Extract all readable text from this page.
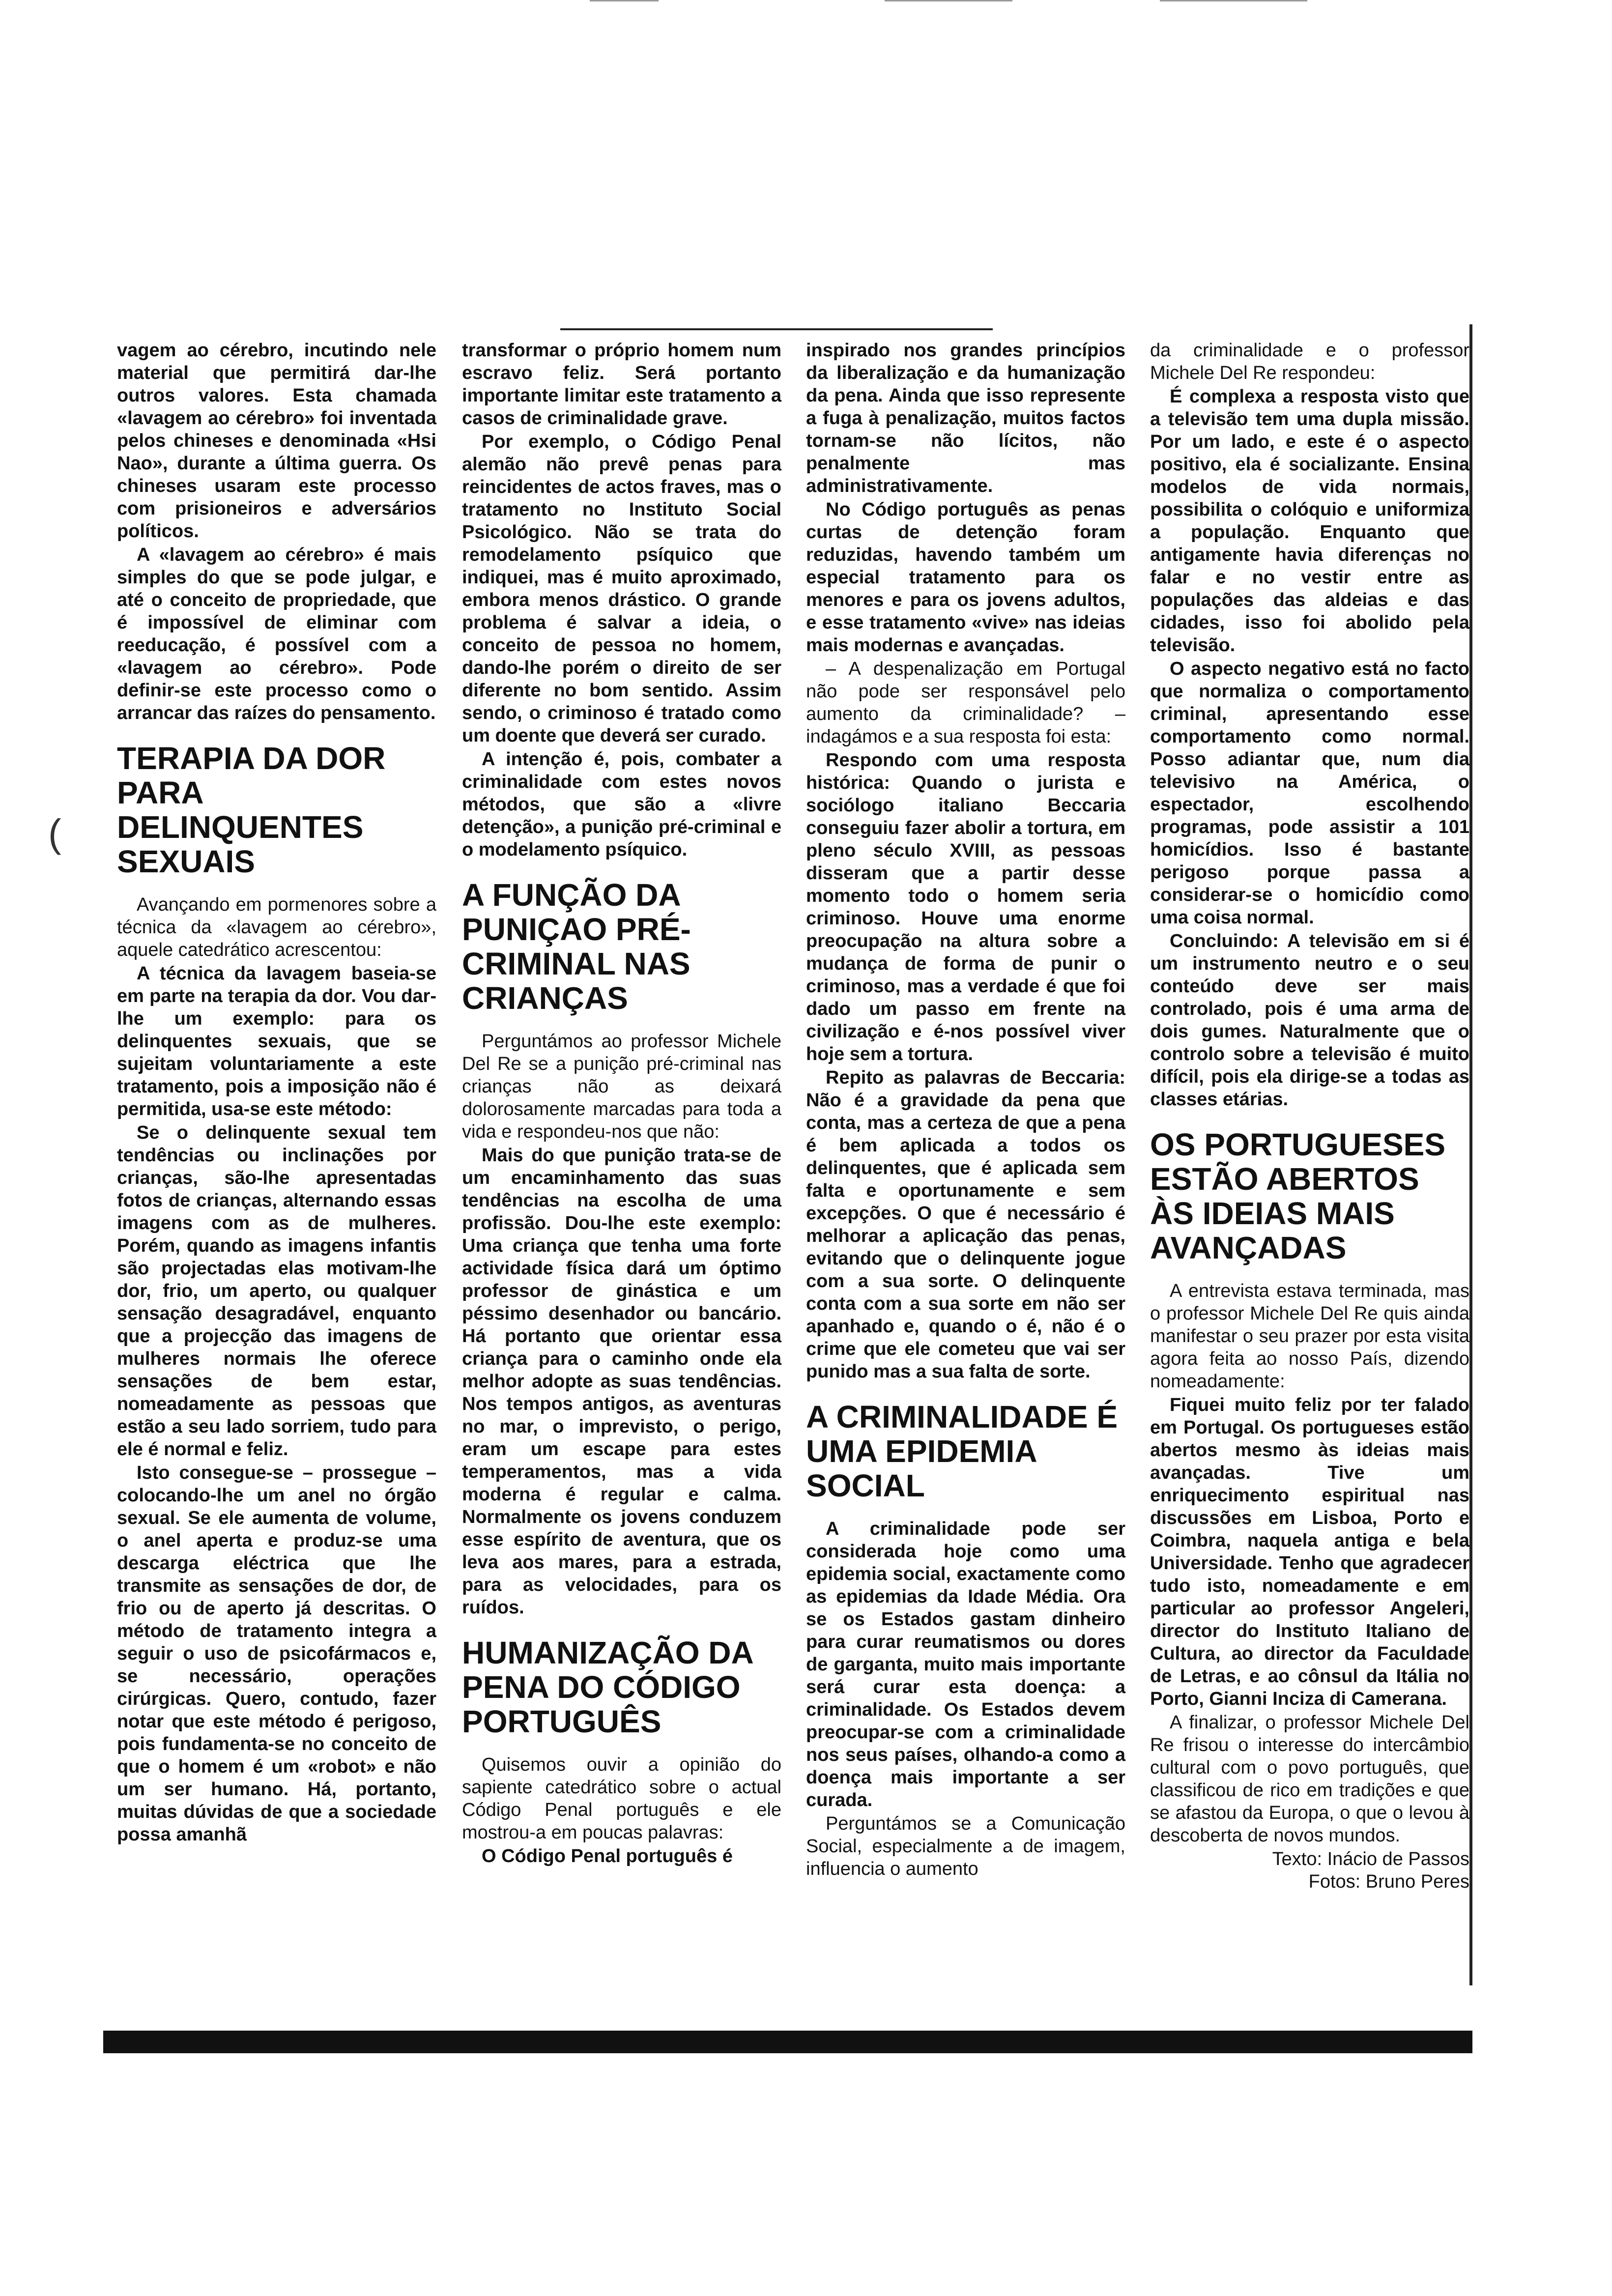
(

vagem ao cérebro, incutindo nele material que permitirá dar-lhe outros valores. Esta chamada «lavagem ao cérebro» foi inventada pelos chineses e denominada «Hsi Nao», durante a última guerra. Os chineses usaram este processo com prisioneiros e adversários políticos.

A «lavagem ao cérebro» é mais simples do que se pode julgar, e até o conceito de propriedade, que é impossível de eliminar com reeducação, é possível com a «lavagem ao cérebro». Pode definir-se este processo como o arrancar das raízes do pensamento.

TERAPIA DA DOR PARA DELINQUENTES SEXUAIS

Avançando em pormenores sobre a técnica da «lavagem ao cérebro», aquele catedrático acrescentou:

A técnica da lavagem baseia-se em parte na terapia da dor. Vou dar-lhe um exemplo: para os delinquentes sexuais, que se sujeitam voluntariamente a este tratamento, pois a imposição não é permitida, usa-se este método:

Se o delinquente sexual tem tendências ou inclinações por crianças, são-lhe apresentadas fotos de crianças, alternando essas imagens com as de mulheres. Porém, quando as imagens infantis são projectadas elas motivam-lhe dor, frio, um aperto, ou qualquer sensação desagradável, enquanto que a projecção das imagens de mulheres normais lhe oferece sensações de bem estar, nomeadamente as pessoas que estão a seu lado sorriem, tudo para ele é normal e feliz.

Isto consegue-se – prossegue – colocando-lhe um anel no órgão sexual. Se ele aumenta de volume, o anel aperta e produz-se uma descarga eléctrica que lhe transmite as sensações de dor, de frio ou de aperto já descritas. O método de tratamento integra a seguir o uso de psicofármacos e, se necessário, operações cirúrgicas. Quero, contudo, fazer notar que este método é perigoso, pois fundamenta-se no conceito de que o homem é um «robot» e não um ser humano. Há, portanto, muitas dúvidas de que a sociedade possa amanhã

transformar o próprio homem num escravo feliz. Será portanto importante limitar este tratamento a casos de criminalidade grave.

Por exemplo, o Código Penal alemão não prevê penas para reincidentes de actos fraves, mas o tratamento no Instituto Social Psicológico. Não se trata do remodelamento psíquico que indiquei, mas é muito aproximado, embora menos drástico. O grande problema é salvar a ideia, o conceito de pessoa no homem, dando-lhe porém o direito de ser diferente no bom sentido. Assim sendo, o criminoso é tratado como um doente que deverá ser curado.

A intenção é, pois, combater a criminalidade com estes novos métodos, que são a «livre detenção», a punição pré-criminal e o modelamento psíquico.

A FUNÇÃO DA PUNIÇAO PRÉ-CRIMINAL NAS CRIANÇAS

Perguntámos ao professor Michele Del Re se a punição pré-criminal nas crianças não as deixará dolorosamente marcadas para toda a vida e respondeu-nos que não:

Mais do que punição trata-se de um encaminhamento das suas tendências na escolha de uma profissão. Dou-lhe este exemplo: Uma criança que tenha uma forte actividade física dará um óptimo professor de ginástica e um péssimo desenhador ou bancário. Há portanto que orientar essa criança para o caminho onde ela melhor adopte as suas tendências. Nos tempos antigos, as aventuras no mar, o imprevisto, o perigo, eram um escape para estes temperamentos, mas a vida moderna é regular e calma. Normalmente os jovens conduzem esse espírito de aventura, que os leva aos mares, para a estrada, para as velocidades, para os ruídos.

HUMANIZAÇÃO DA PENA DO CÓDIGO PORTUGUÊS

Quisemos ouvir a opinião do sapiente catedrático sobre o actual Código Penal português e ele mostrou-a em poucas palavras:

O Código Penal português é

inspirado nos grandes princípios da liberalização e da humanização da pena. Ainda que isso represente a fuga à penalização, muitos factos tornam-se não lícitos, não penalmente mas administrativamente.

No Código português as penas curtas de detenção foram reduzidas, havendo também um especial tratamento para os menores e para os jovens adultos, e esse tratamento «vive» nas ideias mais modernas e avançadas.

– A despenalização em Portugal não pode ser responsável pelo aumento da criminalidade? – indagámos e a sua resposta foi esta:

Respondo com uma resposta histórica: Quando o jurista e sociólogo italiano Beccaria conseguiu fazer abolir a tortura, em pleno século XVIII, as pessoas disseram que a partir desse momento todo o homem seria criminoso. Houve uma enorme preocupação na altura sobre a mudança de forma de punir o criminoso, mas a verdade é que foi dado um passo em frente na civilização e é-nos possível viver hoje sem a tortura.

Repito as palavras de Beccaria: Não é a gravidade da pena que conta, mas a certeza de que a pena é bem aplicada a todos os delinquentes, que é aplicada sem falta e oportunamente e sem excepções. O que é necessário é melhorar a aplicação das penas, evitando que o delinquente jogue com a sua sorte. O delinquente conta com a sua sorte em não ser apanhado e, quando o é, não é o crime que ele cometeu que vai ser punido mas a sua falta de sorte.

A CRIMINALIDADE É UMA EPIDEMIA SOCIAL

A criminalidade pode ser considerada hoje como uma epidemia social, exactamente como as epidemias da Idade Média. Ora se os Estados gastam dinheiro para curar reumatismos ou dores de garganta, muito mais importante será curar esta doença: a criminalidade. Os Estados devem preocupar-se com a criminalidade nos seus países, olhando-a como a doença mais importante a ser curada.

Perguntámos se a Comunicação Social, especialmente a de imagem, influencia o aumento

da criminalidade e o professor Michele Del Re respondeu:

É complexa a resposta visto que a televisão tem uma dupla missão. Por um lado, e este é o aspecto positivo, ela é socializante. Ensina modelos de vida normais, possibilita o colóquio e uniformiza a população. Enquanto que antigamente havia diferenças no falar e no vestir entre as populações das aldeias e das cidades, isso foi abolido pela televisão.

O aspecto negativo está no facto que normaliza o comportamento criminal, apresentando esse comportamento como normal. Posso adiantar que, num dia televisivo na América, o espectador, escolhendo programas, pode assistir a 101 homicídios. Isso é bastante perigoso porque passa a considerar-se o homicídio como uma coisa normal.

Concluindo: A televisão em si é um instrumento neutro e o seu conteúdo deve ser mais controlado, pois é uma arma de dois gumes. Naturalmente que o controlo sobre a televisão é muito difícil, pois ela dirige-se a todas as classes etárias.

OS PORTUGUESES ESTÃO ABERTOS ÀS IDEIAS MAIS AVANÇADAS

A entrevista estava terminada, mas o professor Michele Del Re quis ainda manifestar o seu prazer por esta visita agora feita ao nosso País, dizendo nomeadamente:

Fiquei muito feliz por ter falado em Portugal. Os portugueses estão abertos mesmo às ideias mais avançadas. Tive um enriquecimento espiritual nas discussões em Lisboa, Porto e Coimbra, naquela antiga e bela Universidade. Tenho que agradecer tudo isto, nomeadamente e em particular ao professor Angeleri, director do Instituto Italiano de Cultura, ao director da Faculdade de Letras, e ao cônsul da Itália no Porto, Gianni Inciza di Camerana.

A finalizar, o professor Michele Del Re frisou o interesse do intercâmbio cultural com o povo português, que classificou de rico em tradições e que se afastou da Europa, o que o levou à descoberta de novos mundos.

Texto: Inácio de Passos
Fotos: Bruno Peres
